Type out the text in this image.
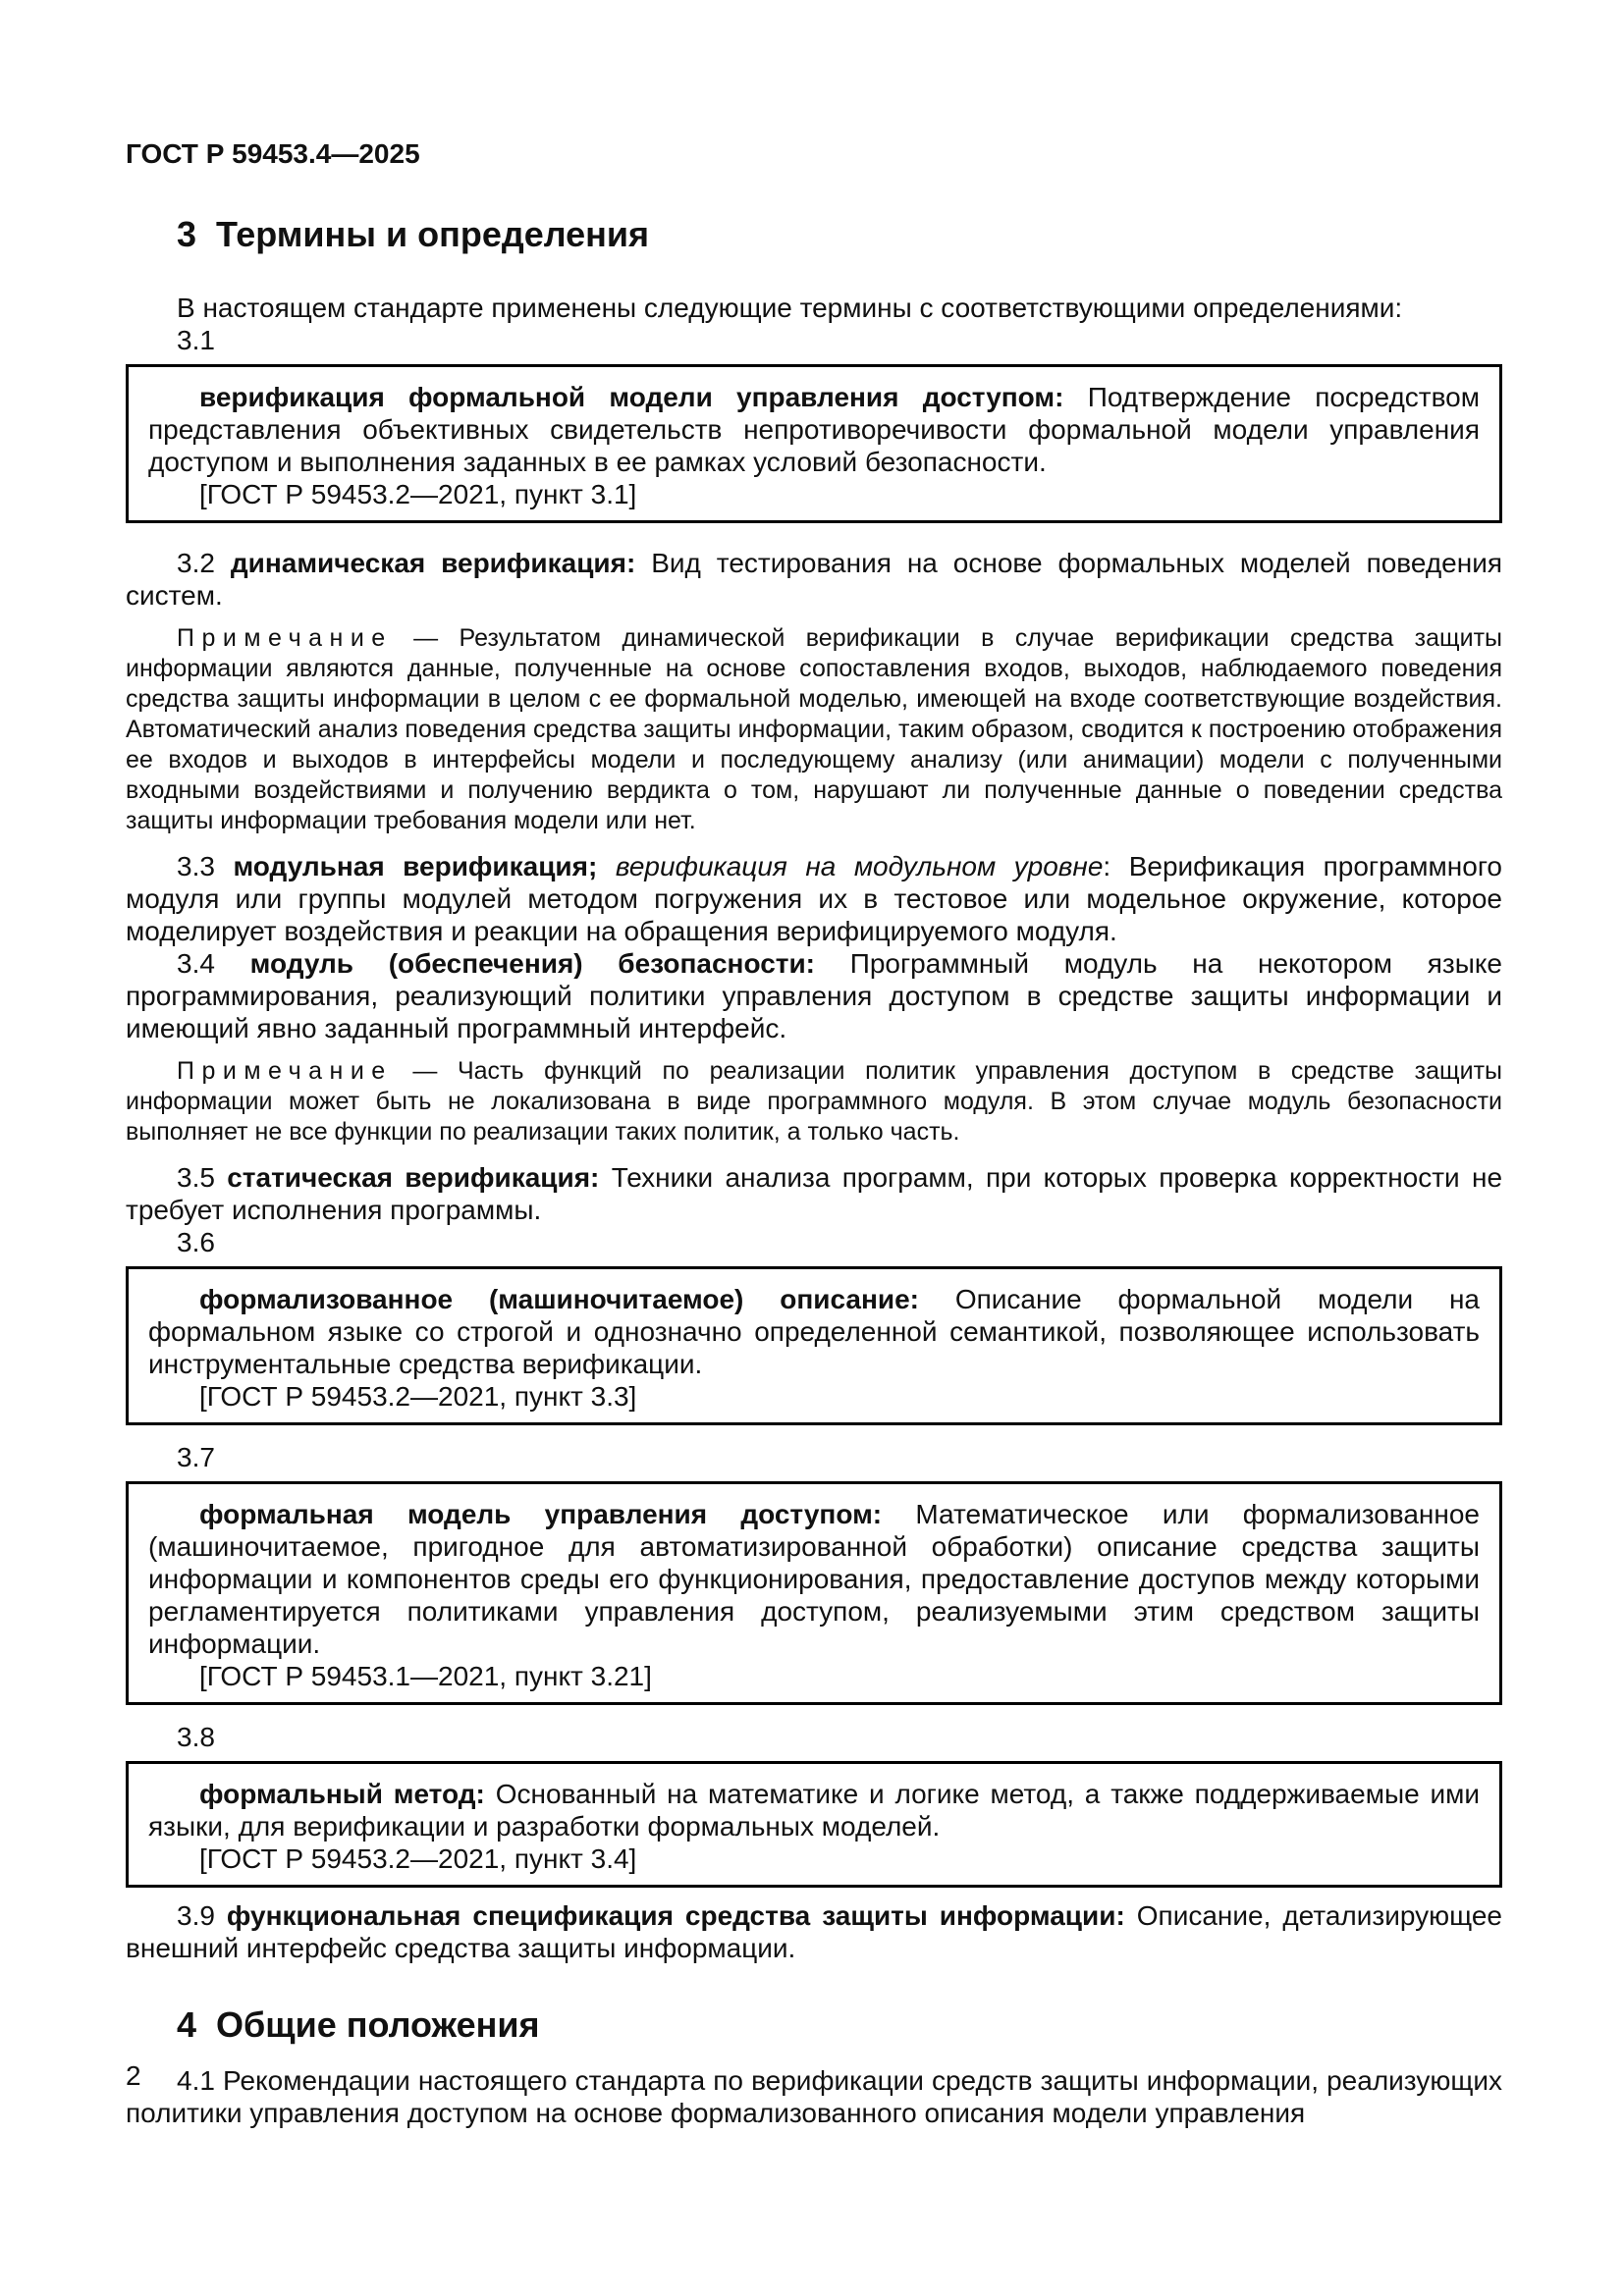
ГОСТ Р 59453.4—2025

3 Термины и определения

В настоящем стандарте применены следующие термины с соответствующими определениями:

3.1

верификация формальной модели управления доступом: Подтверждение посредством представления объективных свидетельств непротиворечивости формальной модели управления доступом и выполнения заданных в ее рамках условий безопасности.

[ГОСТ Р 59453.2—2021, пункт 3.1]

3.2 динамическая верификация: Вид тестирования на основе формальных моделей поведения систем.

Примечание — Результатом динамической верификации в случае верификации средства защиты информации являются данные, полученные на основе сопоставления входов, выходов, наблюдаемого поведения средства защиты информации в целом с ее формальной моделью, имеющей на входе соответствующие воздействия. Автоматический анализ поведения средства защиты информации, таким образом, сводится к построению отображения ее входов и выходов в интерфейсы модели и последующему анализу (или анимации) модели с полученными входными воздействиями и получению вердикта о том, нарушают ли полученные данные о поведении средства защиты информации требования модели или нет.

3.3 модульная верификация; верификация на модульном уровне: Верификация программного модуля или группы модулей методом погружения их в тестовое или модельное окружение, которое моделирует воздействия и реакции на обращения верифицируемого модуля.

3.4 модуль (обеспечения) безопасности: Программный модуль на некотором языке программирования, реализующий политики управления доступом в средстве защиты информации и имеющий явно заданный программный интерфейс.

Примечание — Часть функций по реализации политик управления доступом в средстве защиты информации может быть не локализована в виде программного модуля. В этом случае модуль безопасности выполняет не все функции по реализации таких политик, а только часть.

3.5 статическая верификация: Техники анализа программ, при которых проверка корректности не требует исполнения программы.

3.6

формализованное (машиночитаемое) описание: Описание формальной модели на формальном языке со строгой и однозначно определенной семантикой, позволяющее использовать инструментальные средства верификации.

[ГОСТ Р 59453.2—2021, пункт 3.3]

3.7

формальная модель управления доступом: Математическое или формализованное (машиночитаемое, пригодное для автоматизированной обработки) описание средства защиты информации и компонентов среды его функционирования, предоставление доступов между которыми регламентируется политиками управления доступом, реализуемыми этим средством защиты информации.

[ГОСТ Р 59453.1—2021, пункт 3.21]

3.8

формальный метод: Основанный на математике и логике метод, а также поддерживаемые ими языки, для верификации и разработки формальных моделей.

[ГОСТ Р 59453.2—2021, пункт 3.4]

3.9 функциональная спецификация средства защиты информации: Описание, детализирующее внешний интерфейс средства защиты информации.

4 Общие положения

4.1 Рекомендации настоящего стандарта по верификации средств защиты информации, реализующих политики управления доступом на основе формализованного описания модели управления

2
